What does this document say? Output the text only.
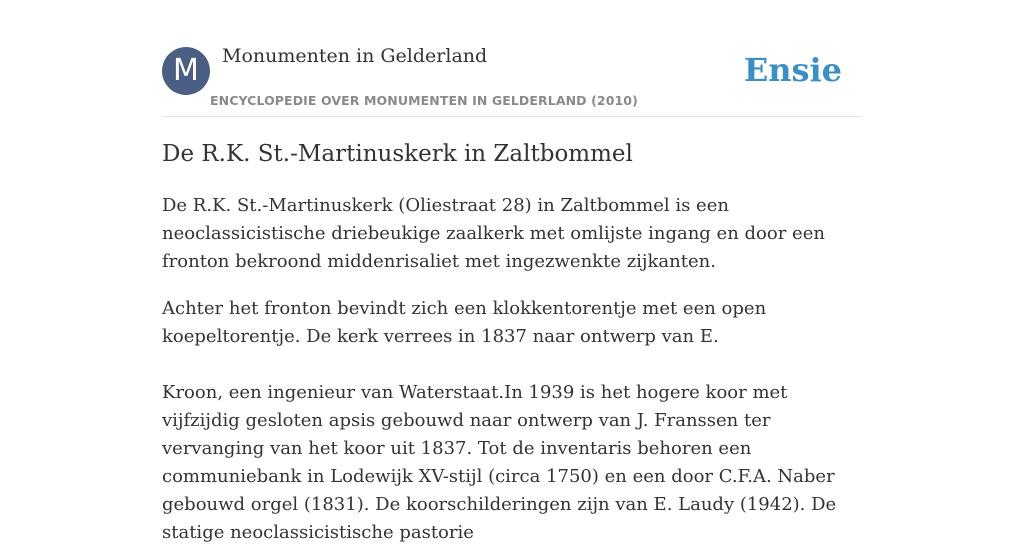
M	Monumenten in Gelderland
ENCYCLOPEDIE OVER MONUMENTEN IN GELDERLAND (2010)
Ensie
De R.K. St.-Martinuskerk in Zaltbommel

De R.K. St.-Martinuskerk (Oliestraat 28) in Zaltbommel is een neoclassicistische driebeukige zaalkerk met omlijste ingang en door een fronton bekroond middenrisaliet met ingezwenkte zijkanten.

Achter het fronton bevindt zich een klokkentorentje met een open koepeltorentje. De kerk verrees in 1837 naar ontwerp van E.

Kroon, een ingenieur van Waterstaat.In 1939 is het hogere koor met vijfzijdig gesloten apsis gebouwd naar ontwerp van J. Franssen ter vervanging van het koor uit 1837. Tot de inventaris behoren een communiebank in Lodewijk XV-stijl (circa 1750) en een door C.F.A. Naber gebouwd orgel (1831). De koorschilderingen zijn van E. Laudy (1942). De statige neoclassicistische pastorie
